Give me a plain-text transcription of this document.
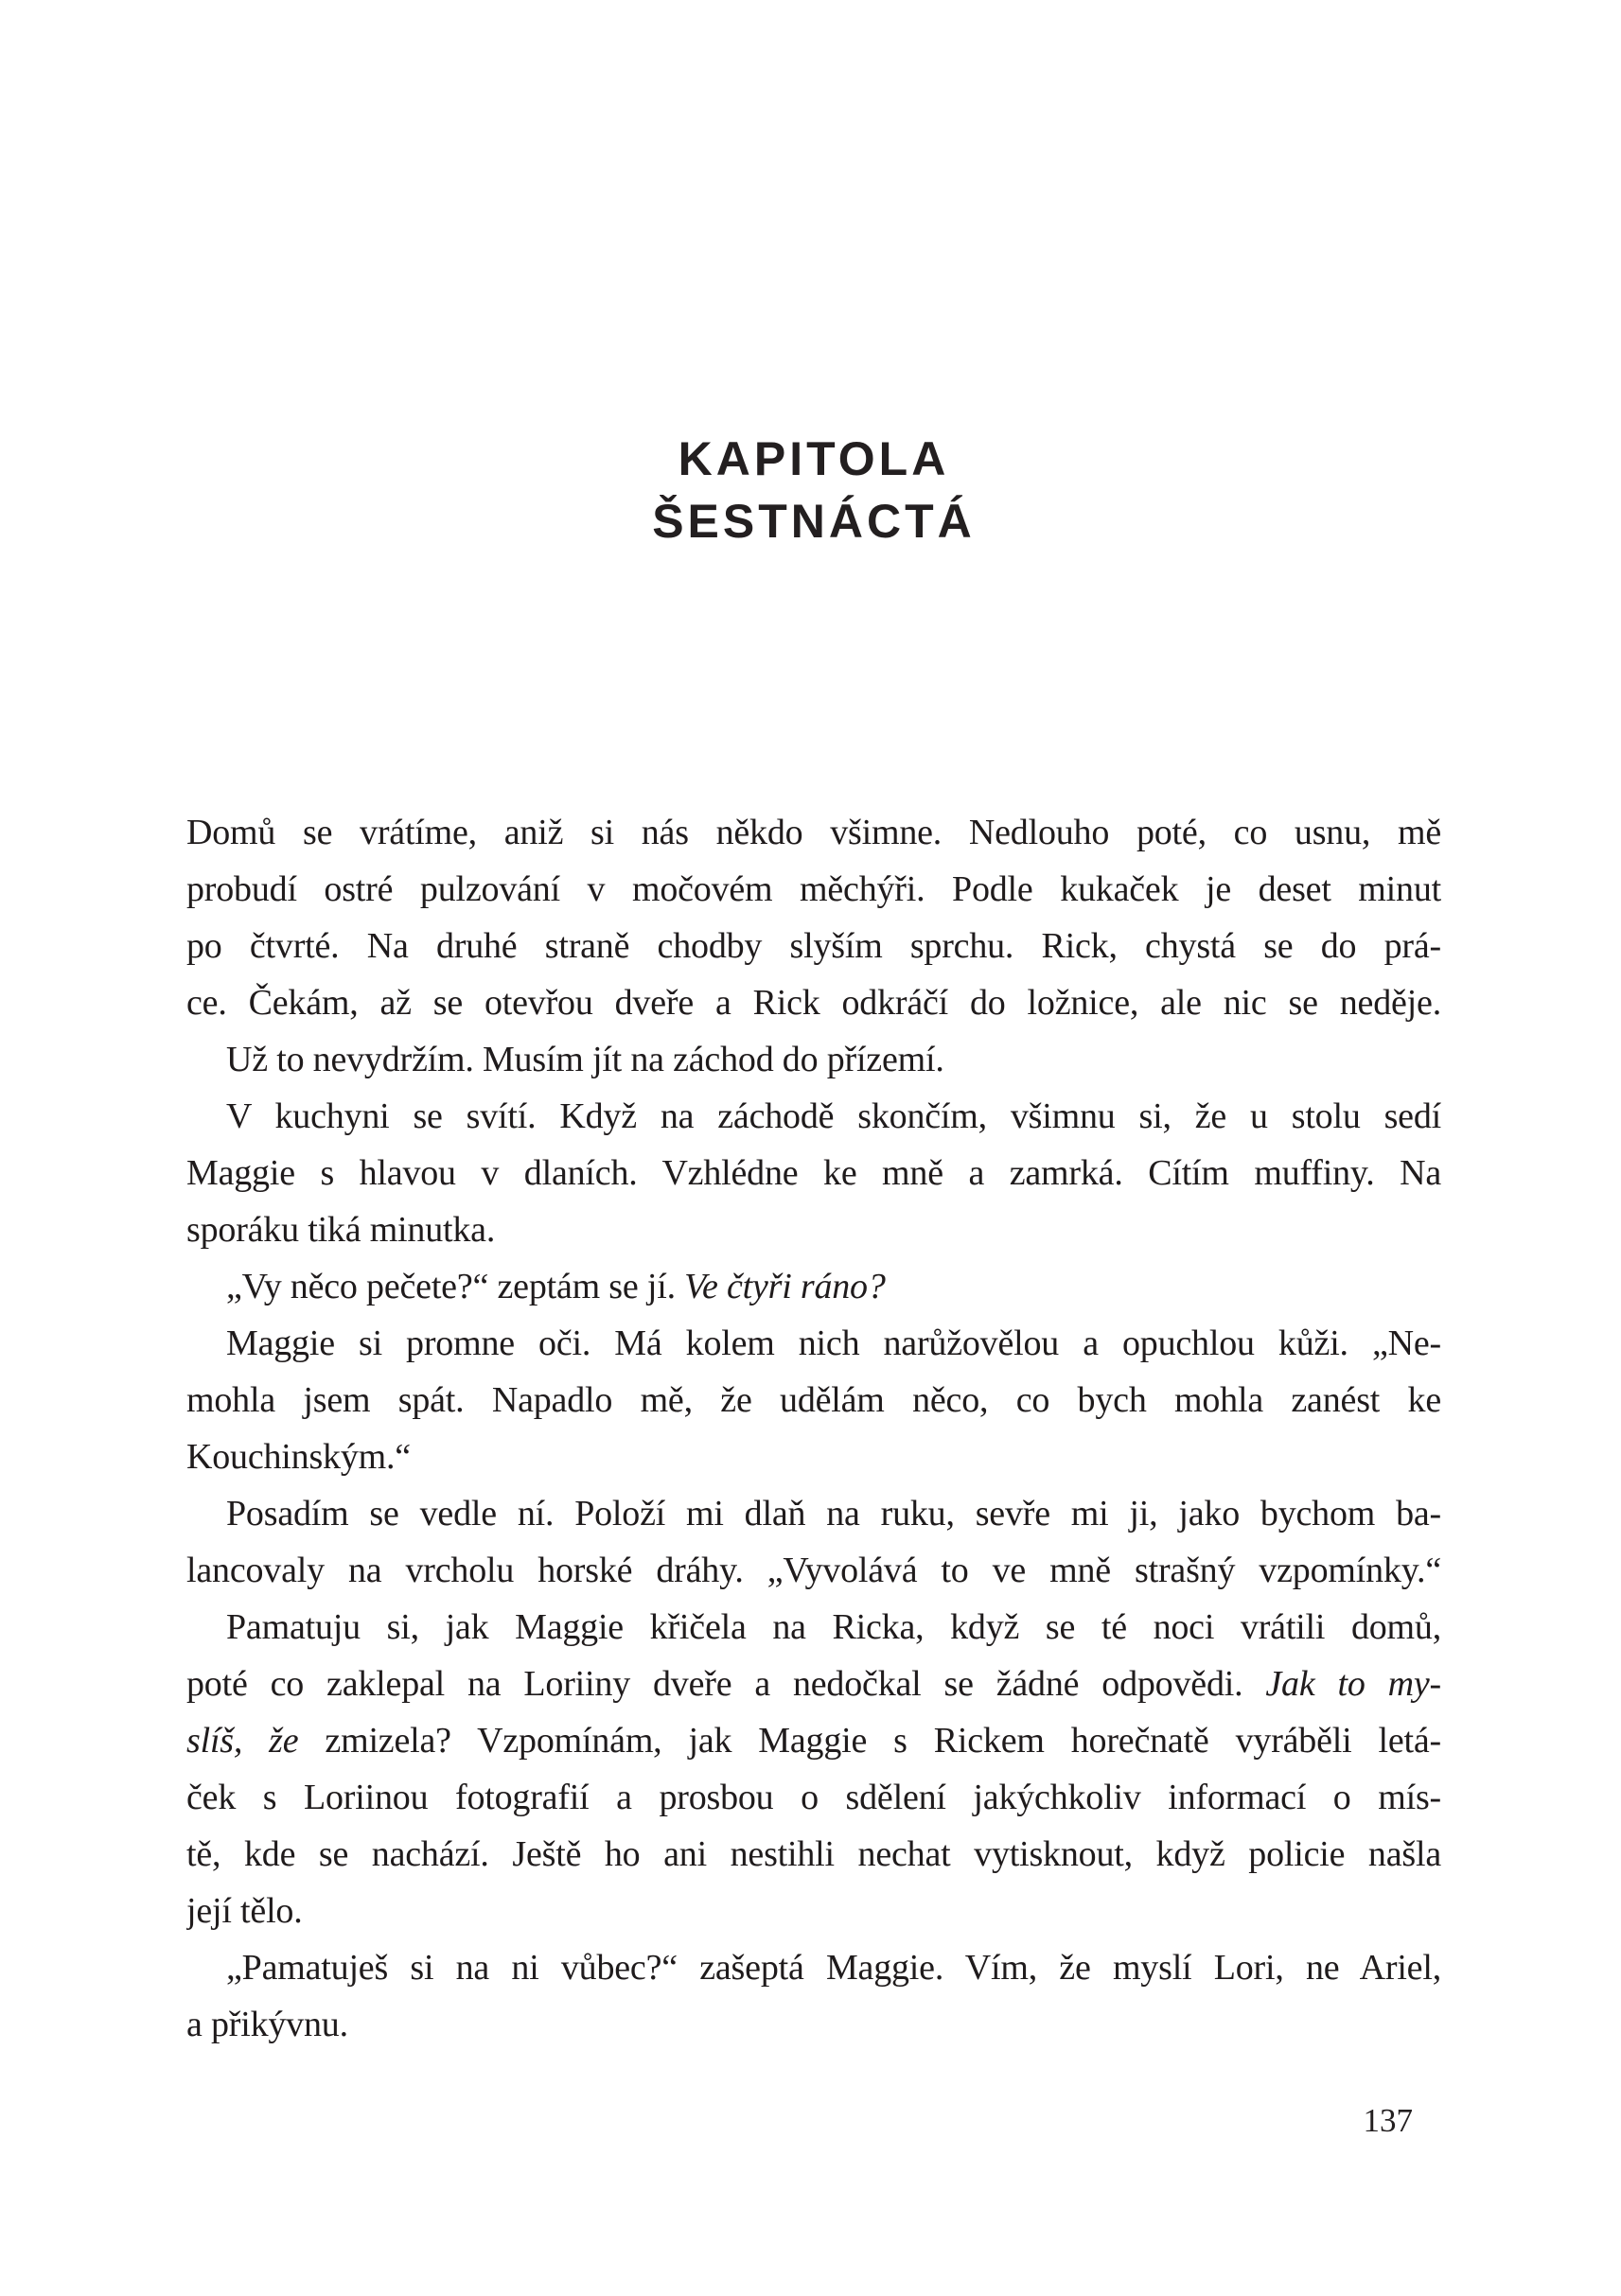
KAPITOLA
ŠESTNÁCTÁ
Domů se vrátíme, aniž si nás někdo všimne. Nedlouho poté, co usnu, mě
probudí ostré pulzování v močovém měchýři. Podle kukaček je deset minut
po čtvrté. Na druhé straně chodby slyším sprchu. Rick, chystá se do prá-
ce. Čekám, až se otevřou dveře a Rick odkráčí do ložnice, ale nic se neděje.
Už to nevydržím. Musím jít na záchod do přízemí.
V kuchyni se svítí. Když na záchodě skončím, všimnu si, že u stolu sedí
Maggie s hlavou v dlaních. Vzhlédne ke mně a zamrká. Cítím muffiny. Na
sporáku tiká minutka.
„Vy něco pečete?“ zeptám se jí. Ve čtyři ráno?
Maggie si promne oči. Má kolem nich narůžovělou a opuchlou kůži. „Ne-
mohla jsem spát. Napadlo mě, že udělám něco, co bych mohla zanést ke
Kouchinským.“
Posadím se vedle ní. Položí mi dlaň na ruku, sevře mi ji, jako bychom ba-
lancovaly na vrcholu horské dráhy. „Vyvolává to ve mně strašný vzpomínky.“
Pamatuju si, jak Maggie křičela na Ricka, když se té noci vrátili domů,
poté co zaklepal na Loriiny dveře a nedočkal se žádné odpovědi. Jak to my-
slíš, že zmizela? Vzpomínám, jak Maggie s Rickem horečnatě vyráběli letá-
ček s Loriinou fotografií a prosbou o sdělení jakýchkoliv informací o mís-
tě, kde se nachází. Ještě ho ani nestihli nechat vytisknout, když policie našla
její tělo.
„Pamatuješ si na ni vůbec?“ zašeptá Maggie. Vím, že myslí Lori, ne Ariel,
a přikývnu.
137
